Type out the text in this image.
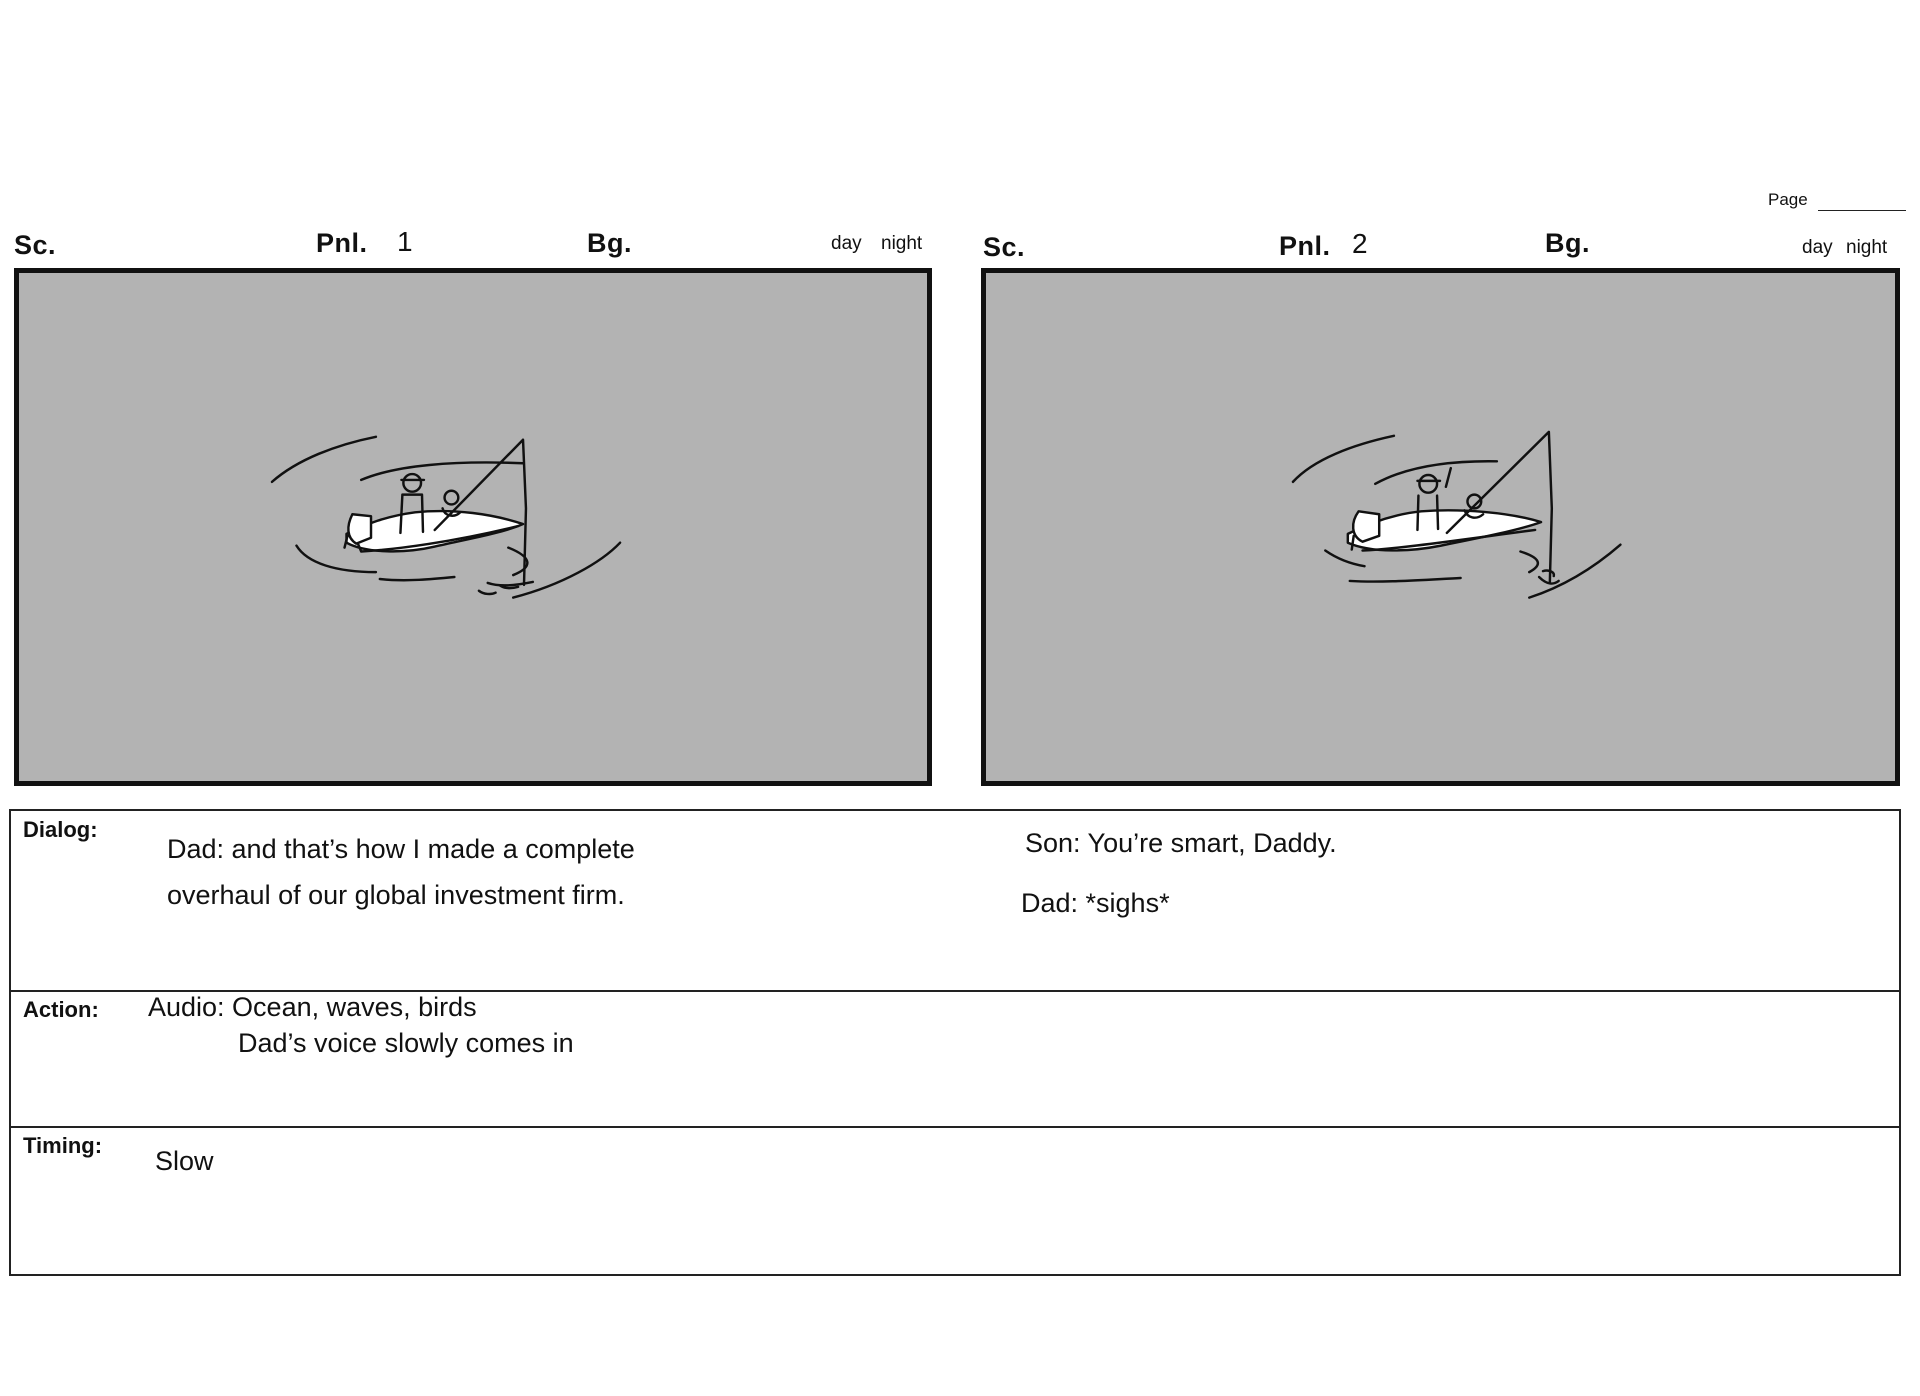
Page
Sc.	Pnl. 1	Bg.	day night Sc.	Pnl. 2	Bg.	day night
Dialog:
Dad: and that’s how I made a complete
overhaul of our global investment firm.
Son: You’re smart, Daddy.
Dad: *sighs*
Action: Audio: Ocean, waves, birds
Dad’s voice slowly comes in
Timing:
Slow
